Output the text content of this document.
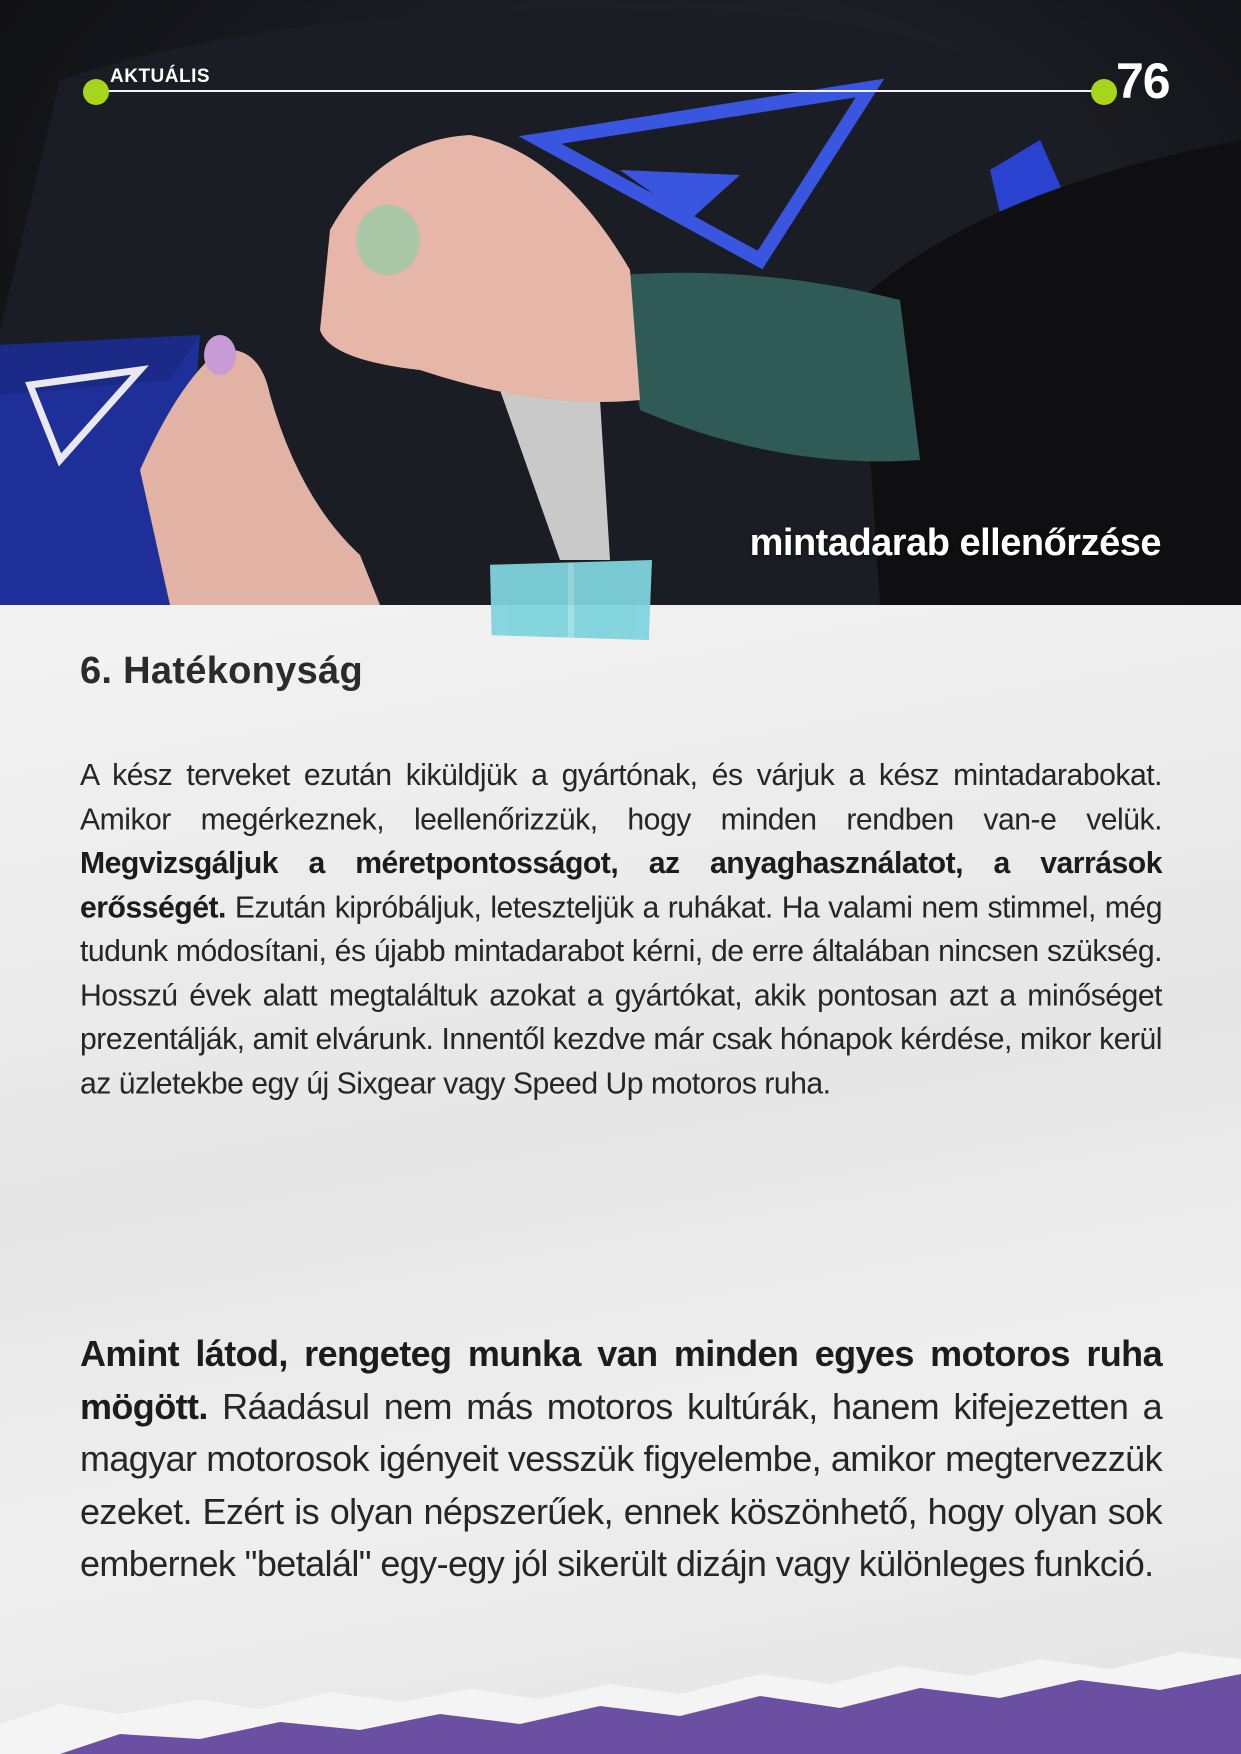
AKTUÁLIS	76
mintadarab ellenőrzése
6. Hatékonyság

A kész terveket ezután kiküldjük a gyártónak, és várjuk a kész mintadarabokat. Amikor megérkeznek, leellenőrizzük, hogy minden rendben van-e velük. Megvizsgáljuk a méretpontosságot, az anyaghasználatot, a varrások erősségét. Ezután kipróbáljuk, leteszteljük a ruhákat. Ha valami nem stimmel, még tudunk módosítani, és újabb mintadarabot kérni, de erre általában nincsen szükség. Hosszú évek alatt megtaláltuk azokat a gyártókat, akik pontosan azt a minőséget prezentálják, amit elvárunk. Innentől kezdve már csak hónapok kérdése, mikor kerül az üzletekbe egy új Sixgear vagy Speed Up motoros ruha.

Amint látod, rengeteg munka van minden egyes motoros ruha mögött. Ráadásul nem más motoros kultúrák, hanem kifejezetten a magyar motorosok igényeit vesszük figyelembe, amikor megtervezzük ezeket. Ezért is olyan népszerűek, ennek köszönhető, hogy olyan sok embernek "betalál" egy-egy jól sikerült dizájn vagy különleges funkció.
